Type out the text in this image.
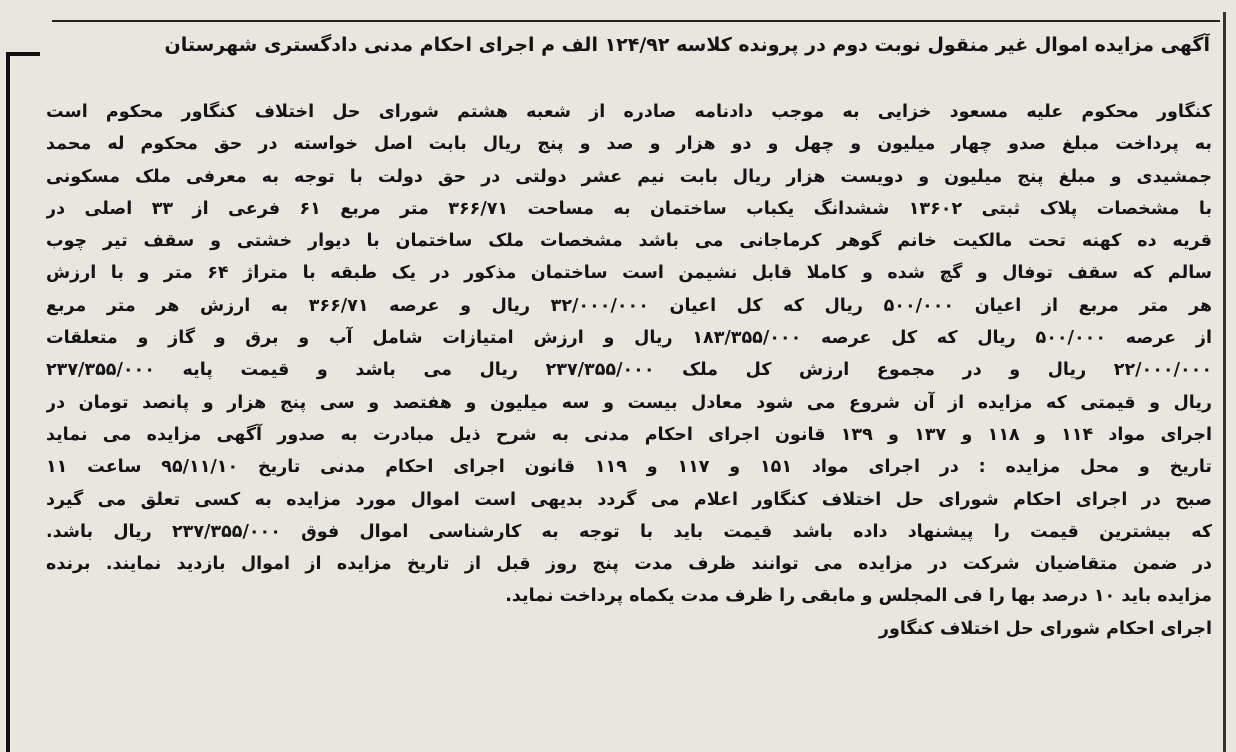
آگهی مزایده اموال غیر منقول نوبت دوم در پرونده کلاسه ۱۲۴/۹۲ الف م اجرای احکام مدنی دادگستری شهرستان
کنگاور محکوم علیه مسعود خزایی به موجب دادنامه صادره از شعبه هشتم شورای حل اختلاف کنگاور محکوم است
به پرداخت مبلغ صدو چهار میلیون و چهل و دو هزار و صد و پنج ریال بابت اصل خواسته در حق محکوم له محمد
جمشیدی و مبلغ پنج میلیون و دویست هزار ریال بابت نیم عشر دولتی در حق دولت با توجه به معرفی ملک مسکونی
با مشخصات پلاک ثبتی ۱۳۶۰۲ ششدانگ یکباب ساختمان به مساحت ۳۶۶/۷۱ متر مربع ۶۱ فرعی از ۳۳ اصلی در
قریه ده کهنه تحت مالکیت خانم گوهر کرماجانی می باشد مشخصات ملک ساختمان با دیوار خشتی و سقف تیر چوب
سالم که سقف توفال و گچ شده و کاملا قابل نشیمن است ساختمان مذکور در یک طبقه با متراژ ۶۴ متر و با ارزش
هر متر مربع از اعیان ۵۰۰/۰۰۰ ریال که کل اعیان ۳۲/۰۰۰/۰۰۰ ریال و عرصه ۳۶۶/۷۱ به ارزش هر متر مربع
از عرصه ۵۰۰/۰۰۰ ریال که کل عرصه ۱۸۳/۳۵۵/۰۰۰ ریال و ارزش امتیازات شامل آب و برق و گاز و متعلقات
۲۲/۰۰۰/۰۰۰ ریال و در مجموع ارزش کل ملک ۲۳۷/۳۵۵/۰۰۰ ریال می باشد و قیمت پایه ۲۳۷/۳۵۵/۰۰۰
ریال و قیمتی که مزایده از آن شروع می شود معادل بیست و سه میلیون و هفتصد و سی پنج هزار و پانصد تومان در
اجرای مواد ۱۱۴ و ۱۱۸ و ۱۳۷ و ۱۳۹ قانون اجرای احکام مدنی به شرح ذیل مبادرت به صدور آگهی مزایده می نماید
تاریخ و محل مزایده : در اجرای مواد ۱۵۱ و ۱۱۷ و ۱۱۹ قانون اجرای احکام مدنی تاریخ ۹۵/۱۱/۱۰ ساعت ۱۱
صبح در اجرای احکام شورای حل اختلاف کنگاور اعلام می گردد بدیهی است اموال مورد مزایده به کسی تعلق می گیرد
که بیشترین قیمت را پیشنهاد داده باشد قیمت باید با توجه به کارشناسی اموال فوق ۲۳۷/۳۵۵/۰۰۰ ریال باشد.
در ضمن متقاضیان شرکت در مزایده می توانند ظرف مدت پنج روز قبل از تاریخ مزایده از اموال بازدید نمایند. برنده
مزایده باید ۱۰ درصد بها را فی المجلس و مابقی را ظرف مدت یکماه پرداخت نماید.
اجرای احکام شورای حل اختلاف کنگاور
